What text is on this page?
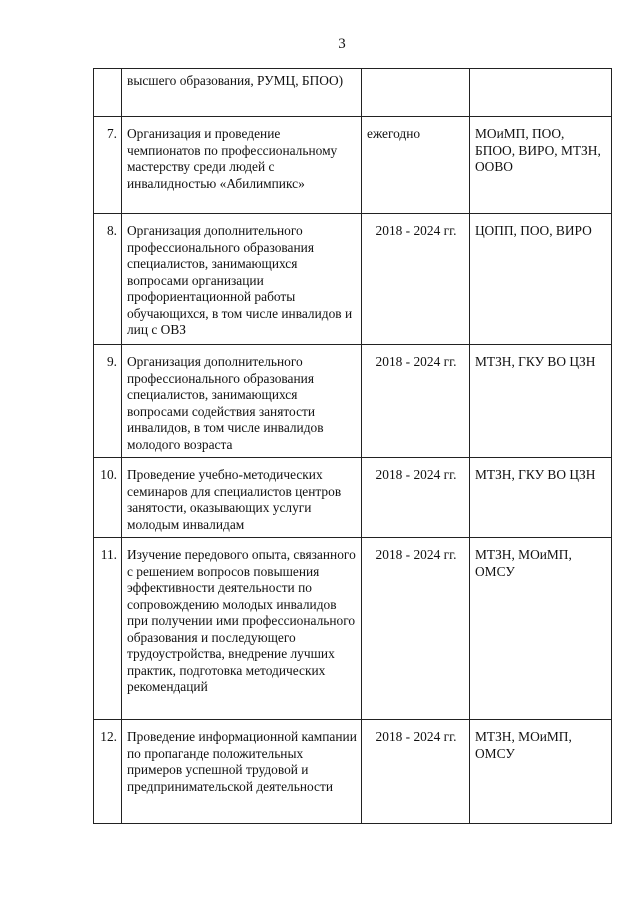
3
	высшего образования, РУМЦ, БПОО)		
7.	Организация и проведение чемпионатов по профессиональному мастерству среди людей с инвалидностью «Абилимпикс»	ежегодно	МОиМП, ПОО, БПОО, ВИРО, МТЗН, ООВО
8.	Организация дополнительного профессионального образования специалистов, занимающихся вопросами организации профориентационной работы обучающихся, в том числе инвалидов и лиц с ОВЗ	2018 - 2024 гг.	ЦОПП, ПОО, ВИРО
9.	Организация дополнительного профессионального образования специалистов, занимающихся вопросами содействия занятости инвалидов, в том числе инвалидов молодого возраста	2018 - 2024 гг.	МТЗН, ГКУ ВО ЦЗН
10.	Проведение учебно-методических семинаров для специалистов центров занятости, оказывающих услуги молодым инвалидам	2018 - 2024 гг.	МТЗН, ГКУ ВО ЦЗН
11.	Изучение передового опыта, связанного с решением вопросов повышения эффективности деятельности по сопровождению молодых инвалидов при получении ими профессионального образования и последующего трудоустройства, внедрение лучших практик, подготовка методических рекомендаций	2018 - 2024 гг.	МТЗН, МОиМП, ОМСУ
12.	Проведение информационной кампании по пропаганде положительных примеров успешной трудовой и предпринимательской деятельности	2018 - 2024 гг.	МТЗН, МОиМП, ОМСУ
